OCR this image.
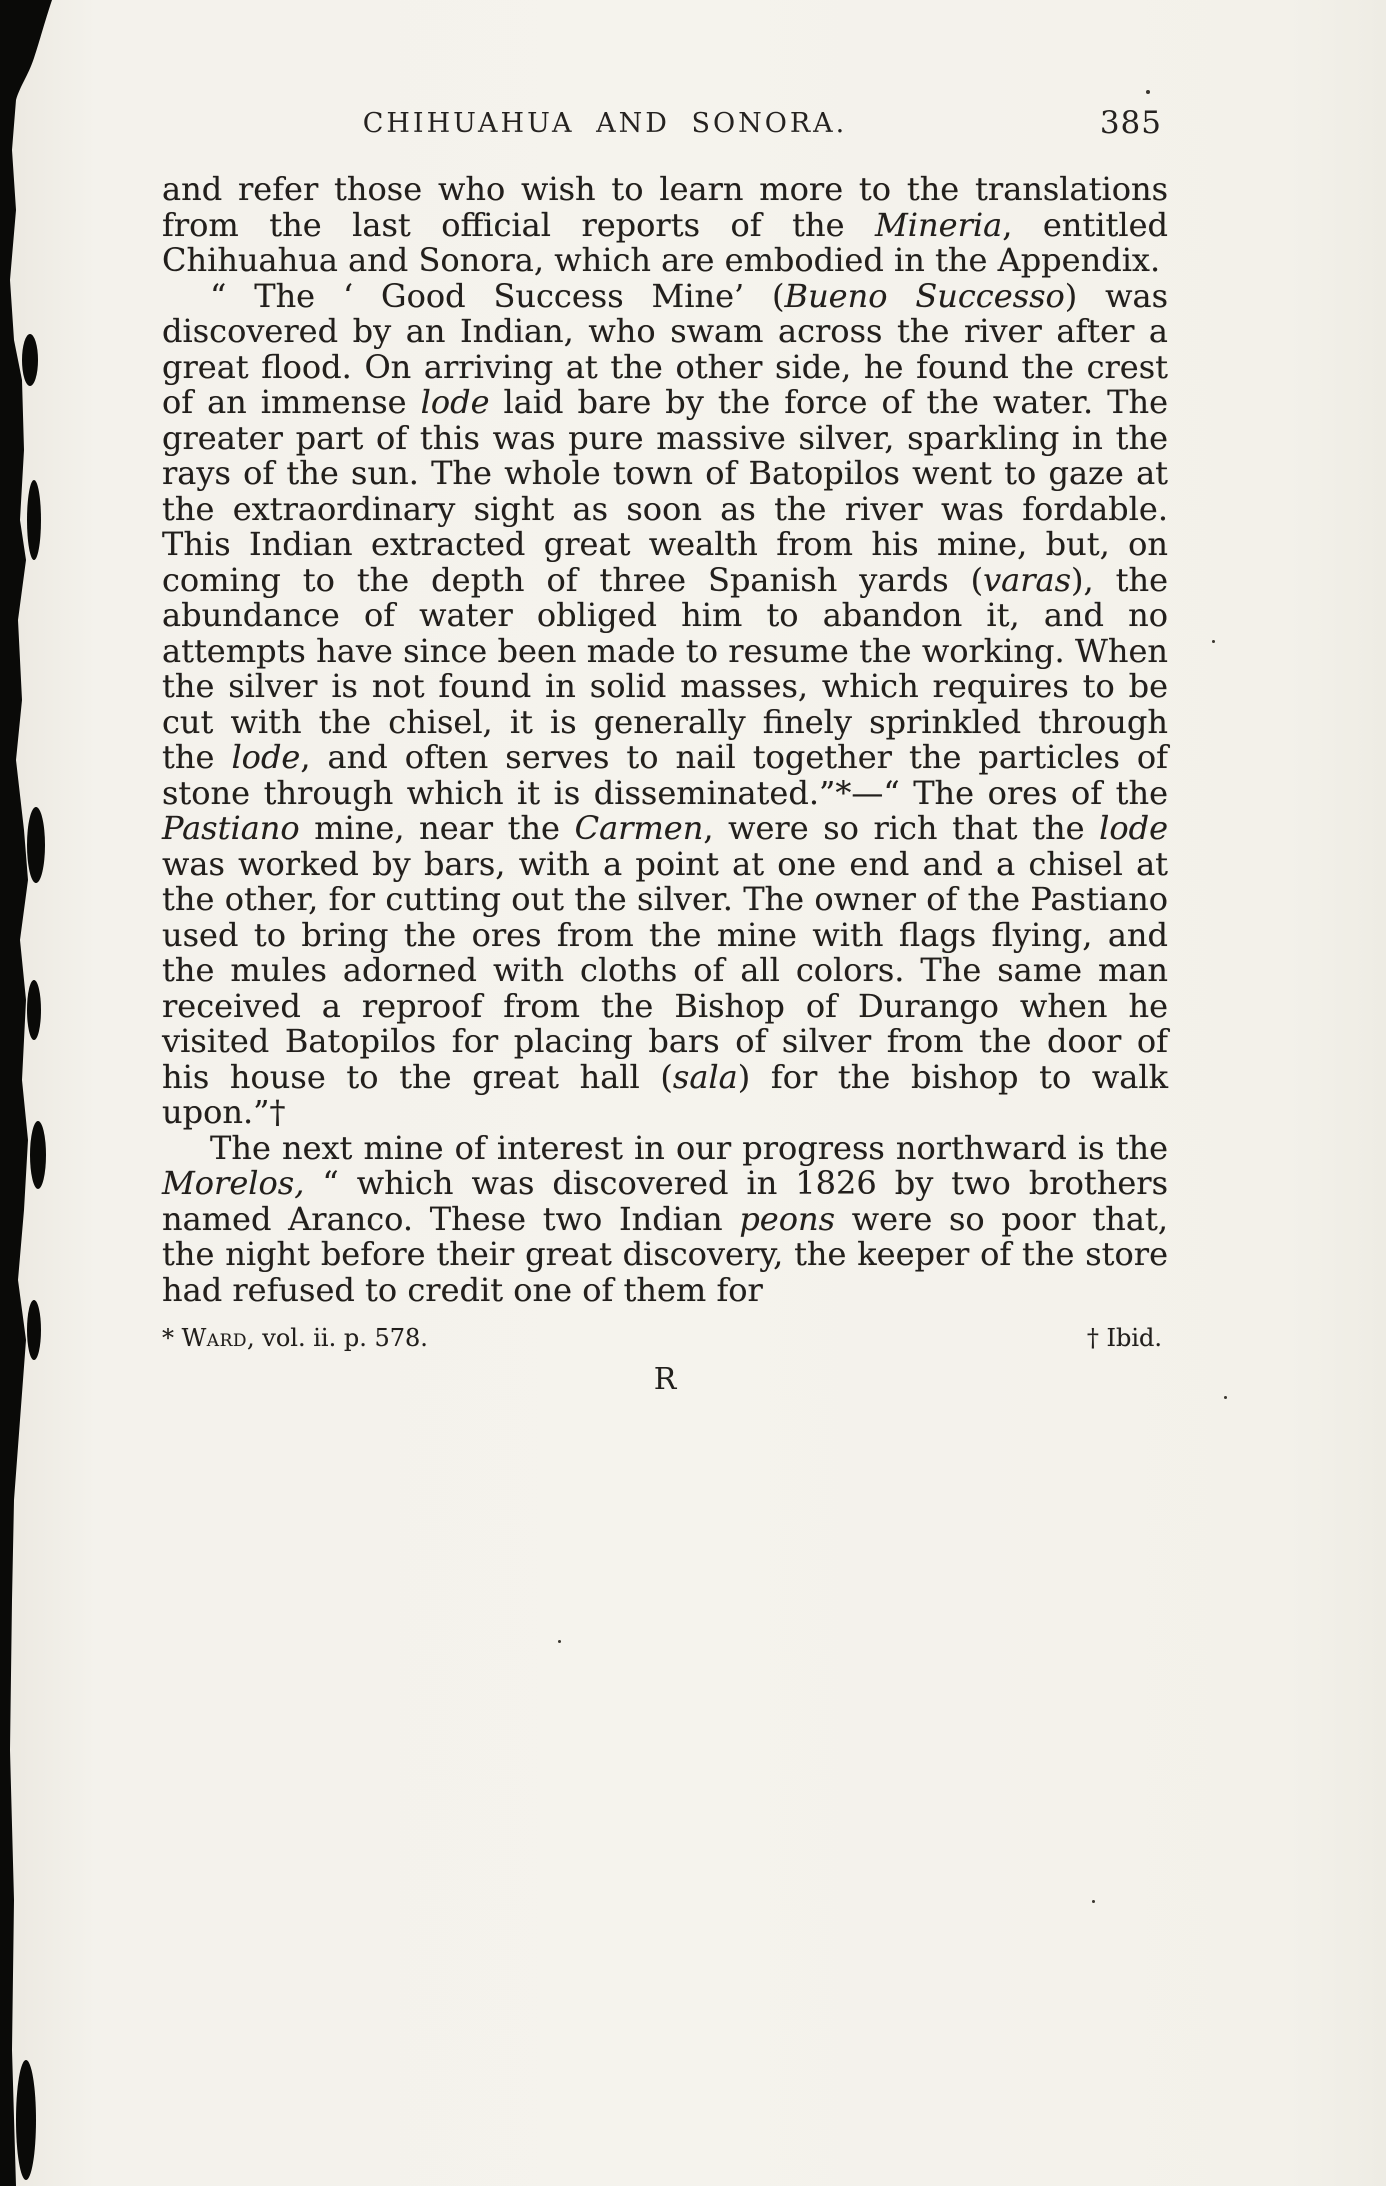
CHIHUAHUA AND SONORA.	385

and refer those who wish to learn more to the translations from the last official reports of the Mineria, entitled Chihuahua and Sonora, which are embodied in the Appendix.

“ The ‘ Good Success Mine’ (Bueno Successo) was discovered by an Indian, who swam across the river after a great flood. On arriving at the other side, he found the crest of an immense lode laid bare by the force of the water. The greater part of this was pure massive silver, sparkling in the rays of the sun. The whole town of Batopilos went to gaze at the extraordinary sight as soon as the river was fordable. This Indian extracted great wealth from his mine, but, on coming to the depth of three Spanish yards (varas), the abundance of water obliged him to abandon it, and no attempts have since been made to resume the working. When the silver is not found in solid masses, which requires to be cut with the chisel, it is generally finely sprinkled through the lode, and often serves to nail together the particles of stone through which it is disseminated.”*—“ The ores of the Pastiano mine, near the Carmen, were so rich that the lode was worked by bars, with a point at one end and a chisel at the other, for cutting out the silver. The owner of the Pastiano used to bring the ores from the mine with flags flying, and the mules adorned with cloths of all colors. The same man received a reproof from the Bishop of Durango when he visited Batopilos for placing bars of silver from the door of his house to the great hall (sala) for the bishop to walk upon.”†

The next mine of interest in our progress northward is the Morelos, “ which was discovered in 1826 by two brothers named Aranco. These two Indian peons were so poor that, the night before their great discovery, the keeper of the store had refused to credit one of them for

* Ward, vol. ii. p. 578.	† Ibid.
R
